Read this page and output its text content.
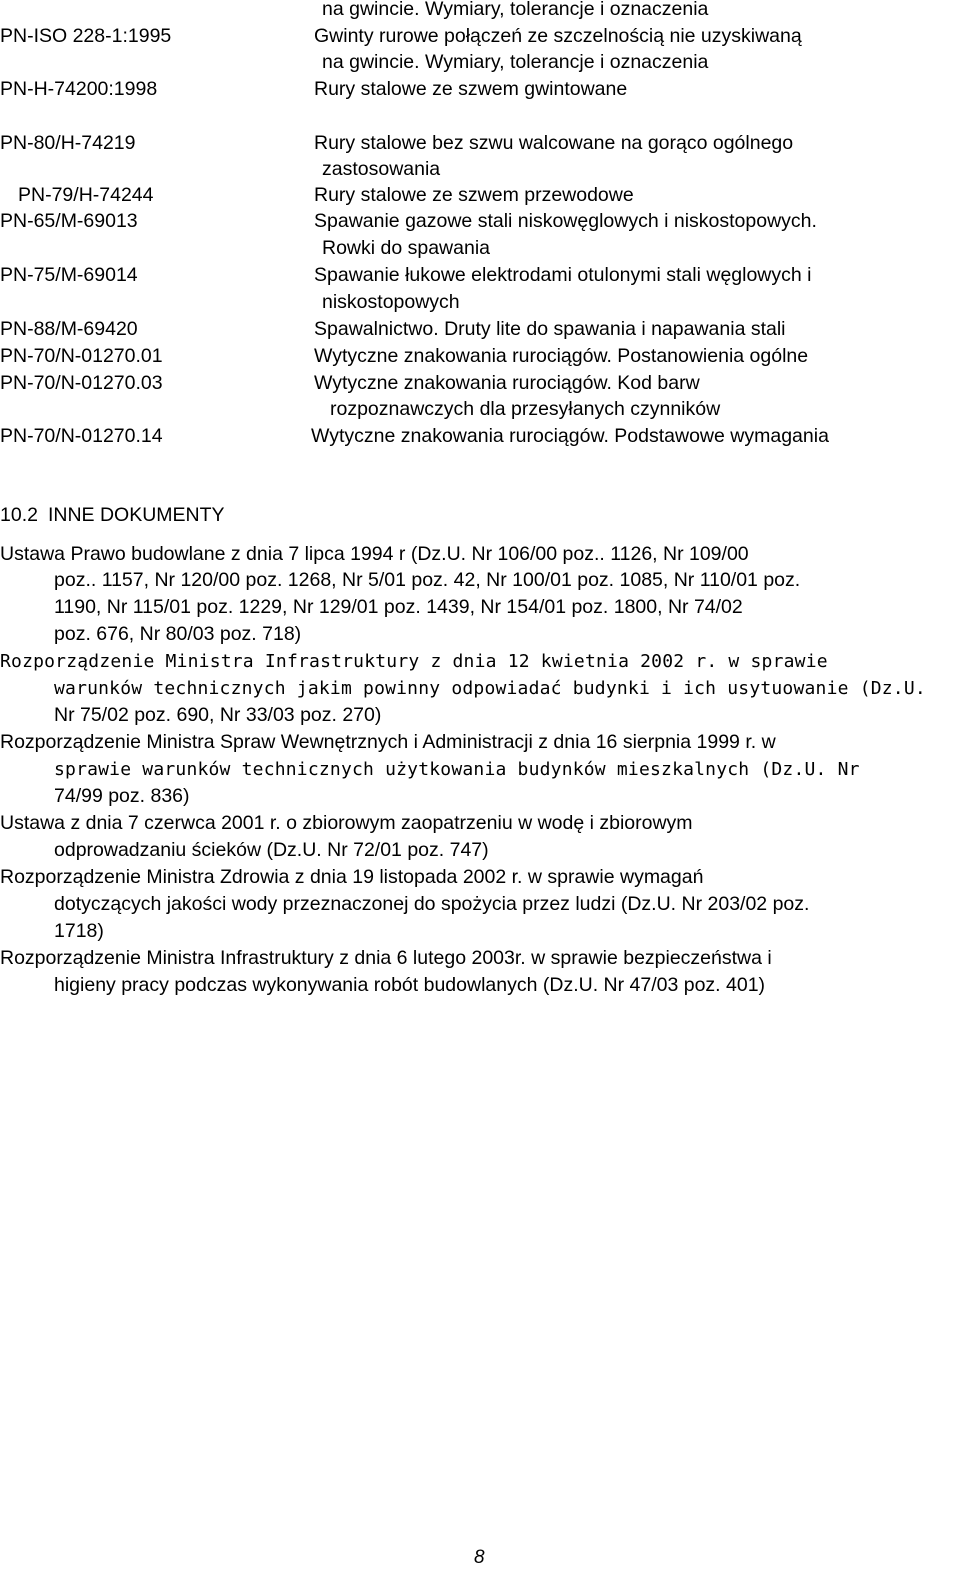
na gwincie. Wymiary, tolerancje i oznaczenia
PN-ISO 228-1:1995	Gwinty rurowe połączeń ze szczelnością nie uzyskiwaną
na gwincie. Wymiary, tolerancje i oznaczenia
PN-H-74200:1998	Rury stalowe ze szwem gwintowane
PN-80/H-74219	Rury stalowe bez szwu walcowane na gorąco ogólnego
zastosowania
PN-79/H-74244	Rury stalowe ze szwem przewodowe
PN-65/M-69013	Spawanie gazowe stali niskowęglowych i niskostopowych.
Rowki do spawania
PN-75/M-69014	Spawanie łukowe elektrodami otulonymi stali węglowych i
niskostopowych
PN-88/M-69420	Spawalnictwo. Druty lite do spawania i napawania stali
PN-70/N-01270.01	Wytyczne znakowania rurociągów. Postanowienia ogólne
PN-70/N-01270.03	Wytyczne znakowania rurociągów. Kod barw
rozpoznawczych dla przesyłanych czynników
PN-70/N-01270.14	Wytyczne znakowania rurociągów. Podstawowe wymagania
10.2 INNE DOKUMENTY
Ustawa Prawo budowlane z dnia 7 lipca 1994 r (Dz.U. Nr 106/00 poz.. 1126, Nr 109/00
poz.. 1157, Nr 120/00 poz. 1268, Nr 5/01 poz. 42, Nr 100/01 poz. 1085, Nr 110/01 poz.
1190, Nr 115/01 poz. 1229, Nr 129/01 poz. 1439, Nr 154/01 poz. 1800, Nr 74/02
poz. 676, Nr 80/03 poz. 718)
Rozporządzenie Ministra Infrastruktury z dnia 12 kwietnia 2002 r. w sprawie
warunków technicznych jakim powinny odpowiadać budynki i ich usytuowanie (Dz.U.
Nr 75/02 poz. 690, Nr 33/03 poz. 270)
Rozporządzenie Ministra Spraw Wewnętrznych i Administracji z dnia 16 sierpnia 1999 r. w
sprawie warunków technicznych użytkowania budynków mieszkalnych (Dz.U. Nr
74/99 poz. 836)
Ustawa z dnia 7 czerwca 2001 r. o zbiorowym zaopatrzeniu w wodę i zbiorowym
odprowadzaniu ścieków (Dz.U. Nr 72/01 poz. 747)
Rozporządzenie Ministra Zdrowia z dnia 19 listopada 2002 r. w sprawie wymagań
dotyczących jakości wody przeznaczonej do spożycia przez ludzi (Dz.U. Nr 203/02 poz.
1718)
Rozporządzenie Ministra Infrastruktury z dnia 6 lutego 2003r. w sprawie bezpieczeństwa i
higieny pracy podczas wykonywania robót budowlanych (Dz.U. Nr 47/03 poz. 401)
8
